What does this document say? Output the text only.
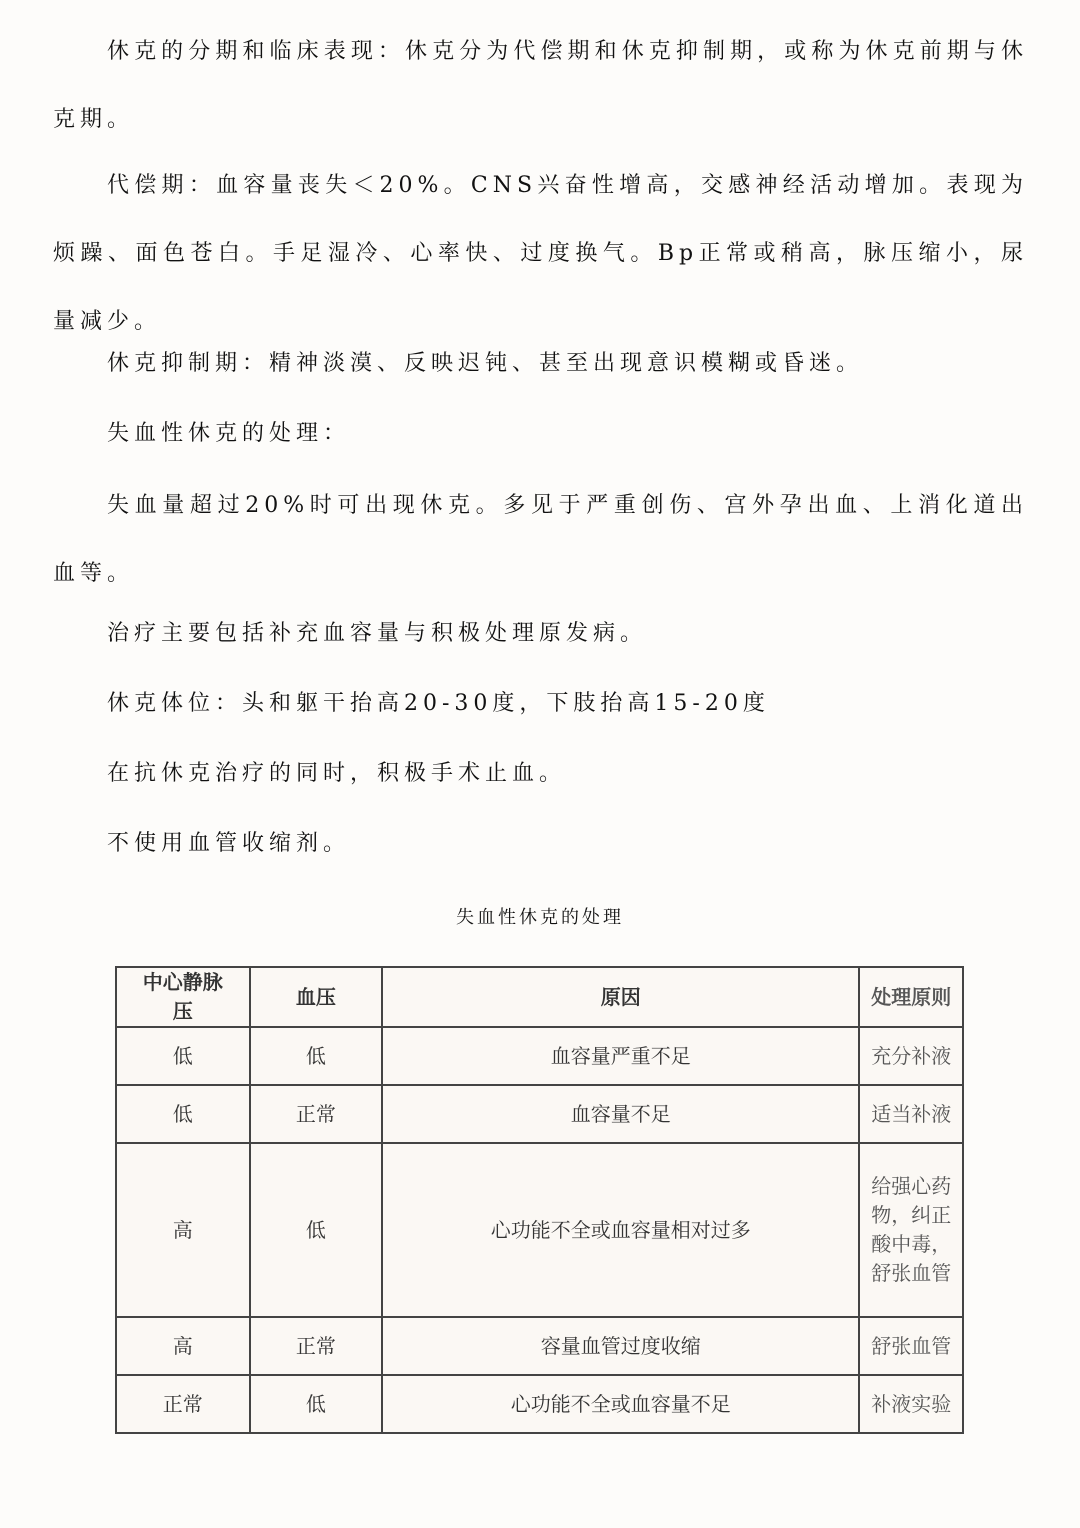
休克的分期和临床表现：休克分为代偿期和休克抑制期，或称为休克前期与休克期。

代偿期：血容量丧失＜20%。CNS兴奋性增高，交感神经活动增加。表现为烦躁、面色苍白。手足湿冷、心率快、过度换气。Bp正常或稍高，脉压缩小，尿量减少。

休克抑制期：精神淡漠、反映迟钝、甚至出现意识模糊或昏迷。

失血性休克的处理：

失血量超过20%时可出现休克。多见于严重创伤、宫外孕出血、上消化道出血等。

治疗主要包括补充血容量与积极处理原发病。

休克体位：头和躯干抬高20-30度，下肢抬高15-20度

在抗休克治疗的同时，积极手术止血。

不使用血管收缩剂。

失血性休克的处理
中心静脉压	血压	原因	处理原则
低	低	血容量严重不足	充分补液
低	正常	血容量不足	适当补液
高	低	心功能不全或血容量相对过多	给强心药物，纠正酸中毒，舒张血管
高	正常	容量血管过度收缩	舒张血管
正常	低	心功能不全或血容量不足	补液实验
